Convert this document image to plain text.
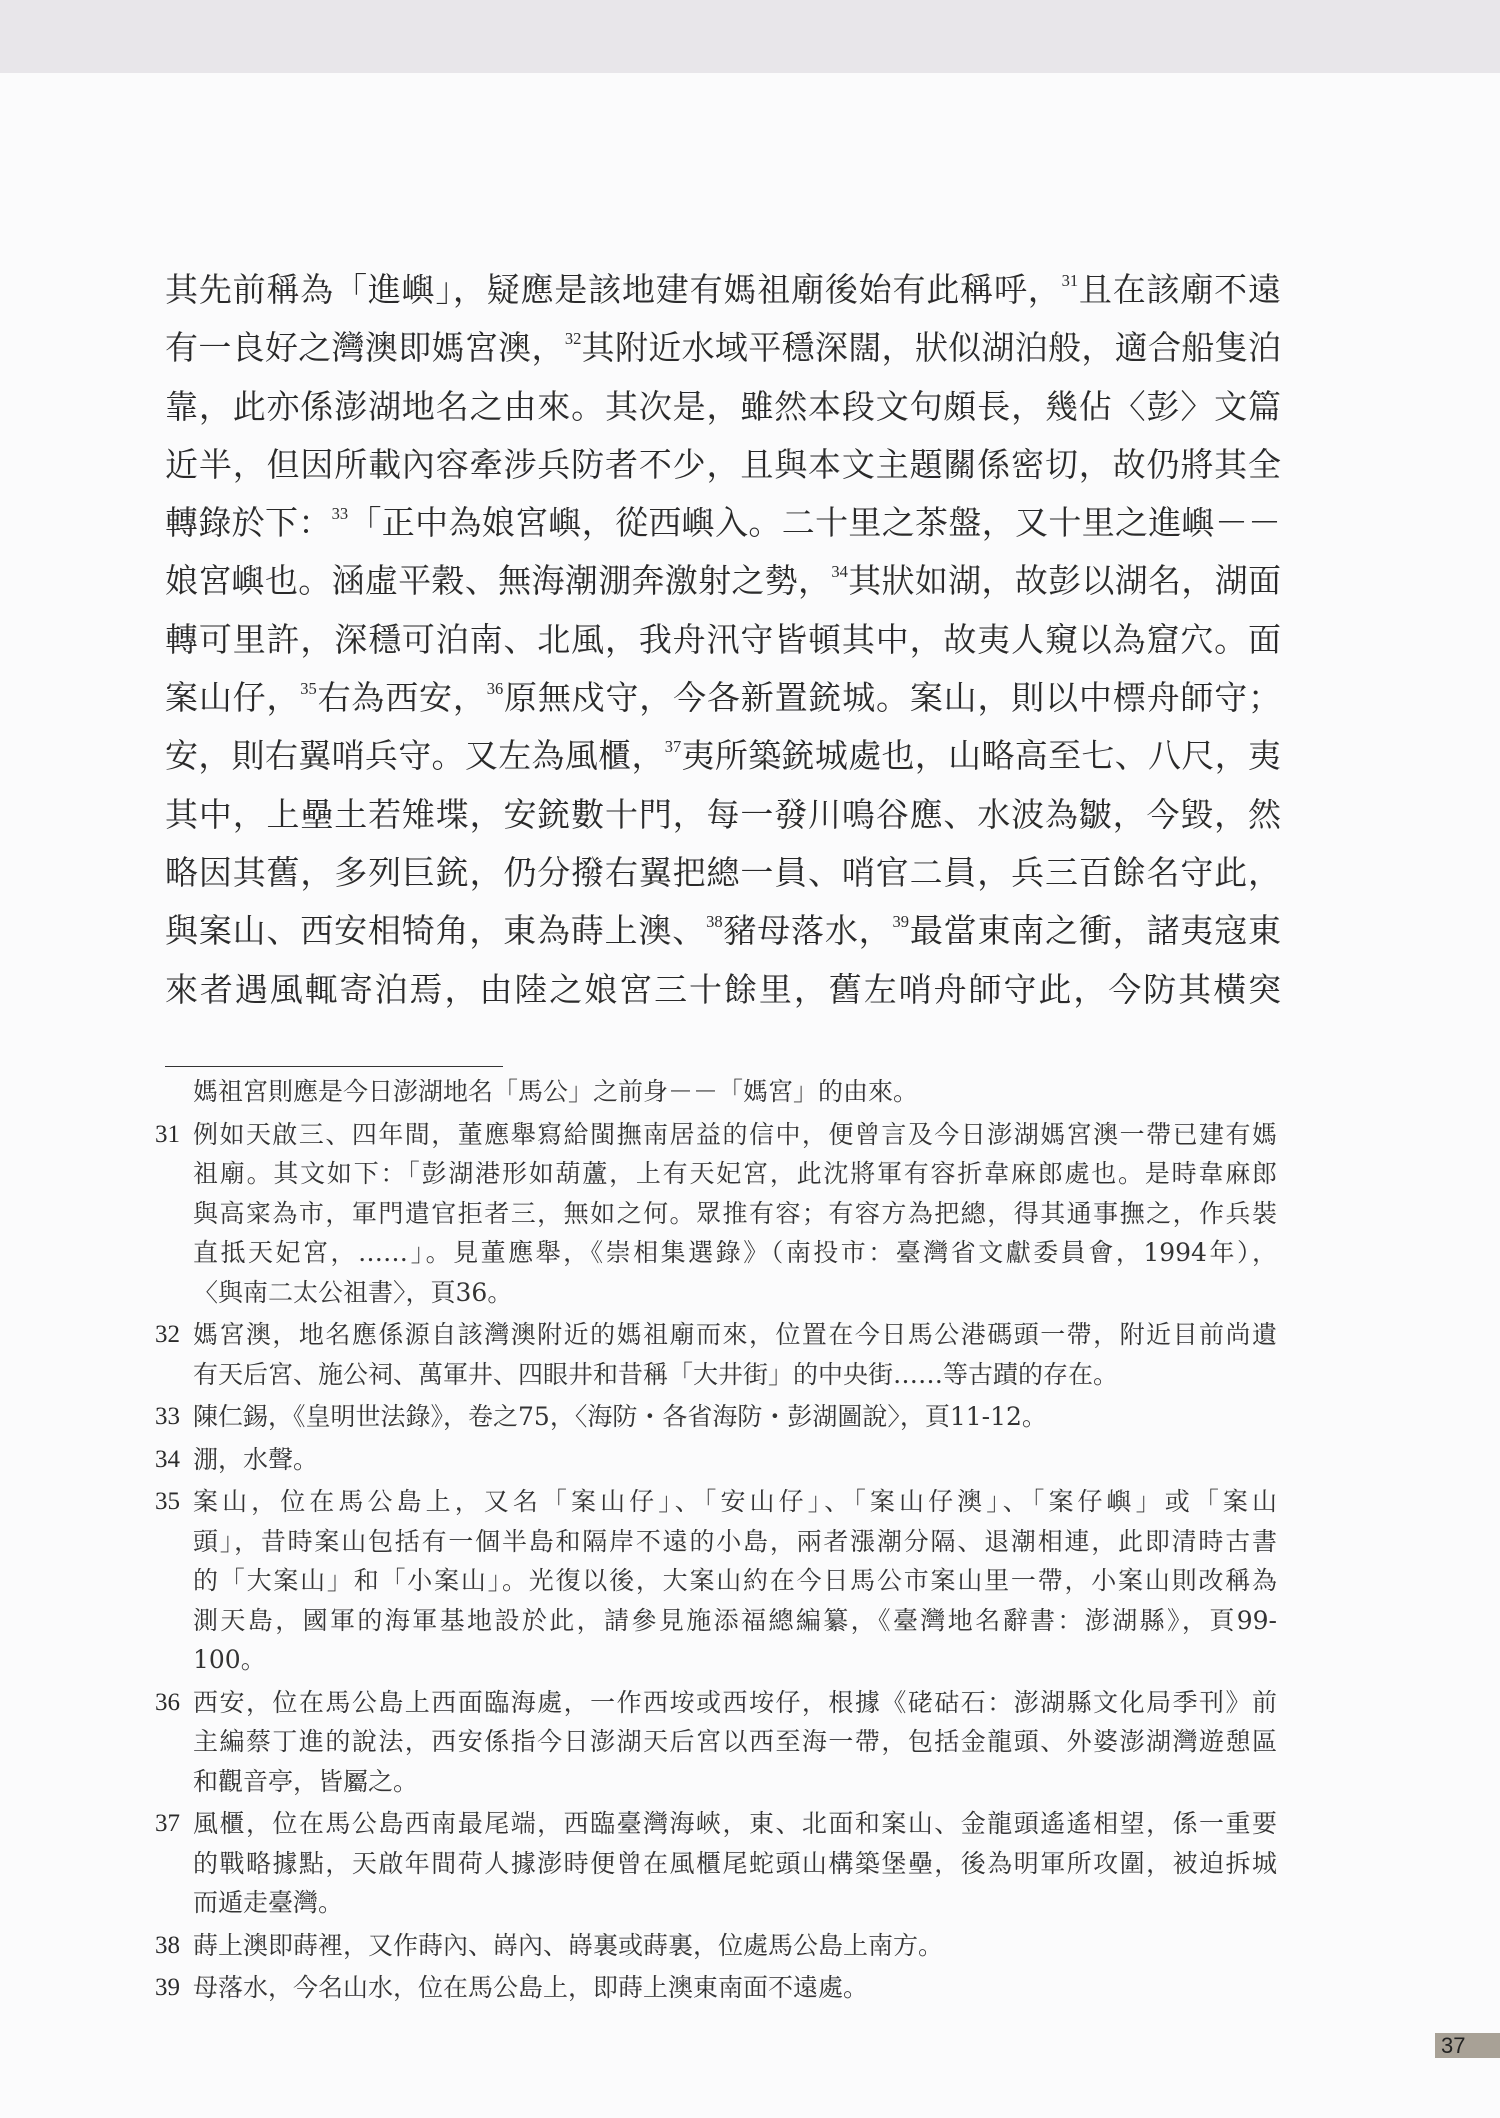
其先前稱為「進嶼」，疑應是該地建有媽祖廟後始有此稱呼，$^{31}$且在該廟不遠
有一良好之灣澳即媽宮澳，$^{32}$其附近水域平穩深闊，狀似湖泊般，適合船隻泊
靠，此亦係澎湖地名之由來。其次是，雖然本段文句頗長，幾佔〈彭〉文篇
近半，但因所載內容牽涉兵防者不少，且與本文主題關係密切，故仍將其全
轉錄於下：$^{33}$「正中為娘宮嶼，從西嶼入。二十里之茶盤，又十里之進嶼－－
娘宮嶼也。涵虛平穀、無海潮淜奔激射之勢，$^{34}$其狀如湖，故彭以湖名，湖面
轉可里許，深穩可泊南、北風，我舟汛守皆頓其中，故夷人窺以為窟穴。面
案山仔，$^{35}$右為西安，$^{36}$原無戍守，今各新置銃城。案山，則以中標舟師守；
安，則右翼哨兵守。又左為風櫃，$^{37}$夷所築銃城處也，山略高至七、八尺，夷
其中，上壘土若雉堞，安銃數十門，每一發川鳴谷應、水波為皺，今毀，然
略因其舊，多列巨銃，仍分撥右翼把總一員、哨官二員，兵三百餘名守此，
與案山、西安相犄角，東為蒔上澳、$^{38}$豬母落水，$^{39}$最當東南之衝，諸夷寇東
來者遇風輒寄泊焉，由陸之娘宮三十餘里，舊左哨舟師守此，今防其橫突
媽祖宮則應是今日澎湖地名「馬公」之前身－－「媽宮」的由來。
31 例如天啟三、四年間，董應舉寫給閩撫南居益的信中，便曾言及今日澎湖媽宮澳一帶已建有媽
祖廟。其文如下：「彭湖港形如葫蘆，上有天妃宮，此沈將軍有容折韋麻郎處也。是時韋麻郎
與高寀為市，軍門遣官拒者三，無如之何。眾推有容；有容方為把總，得其通事撫之，作兵裝
直抵天妃宮，……」。見董應舉，《崇相集選錄》（南投市：臺灣省文獻委員會，1994年），
〈與南二太公祖書〉，頁36。
32 媽宮澳，地名應係源自該灣澳附近的媽祖廟而來，位置在今日馬公港碼頭一帶，附近目前尚遺
有天后宮、施公祠、萬軍井、四眼井和昔稱「大井街」的中央街……等古蹟的存在。
33 陳仁錫，《皇明世法錄》，卷之75，〈海防・各省海防・彭湖圖說〉，頁11-12。
34 淜，水聲。
35 案山，位在馬公島上，又名「案山仔」、「安山仔」、「案山仔澳」、「案仔嶼」或「案山
頭」，昔時案山包括有一個半島和隔岸不遠的小島，兩者漲潮分隔、退潮相連，此即清時古書
的「大案山」和「小案山」。光復以後，大案山約在今日馬公市案山里一帶，小案山則改稱為
測天島，國軍的海軍基地設於此，請參見施添福總編纂，《臺灣地名辭書：澎湖縣》，頁99-
100。
36 西安，位在馬公島上西面臨海處，一作西垵或西垵仔，根據《硓𥑮石：澎湖縣文化局季刊》前
主編蔡丁進的說法，西安係指今日澎湖天后宮以西至海一帶，包括金龍頭、外婆澎湖灣遊憩區
和觀音亭，皆屬之。
37 風櫃，位在馬公島西南最尾端，西臨臺灣海峽，東、北面和案山、金龍頭遙遙相望，係一重要
的戰略據點，天啟年間荷人據澎時便曾在風櫃尾蛇頭山構築堡壘，後為明軍所攻圍，被迫拆城
而遁走臺灣。
38 蒔上澳即蒔裡，又作蒔內、嵵內、嵵裏或蒔裏，位處馬公島上南方。
39 母落水，今名山水，位在馬公島上，即蒔上澳東南面不遠處。
37
